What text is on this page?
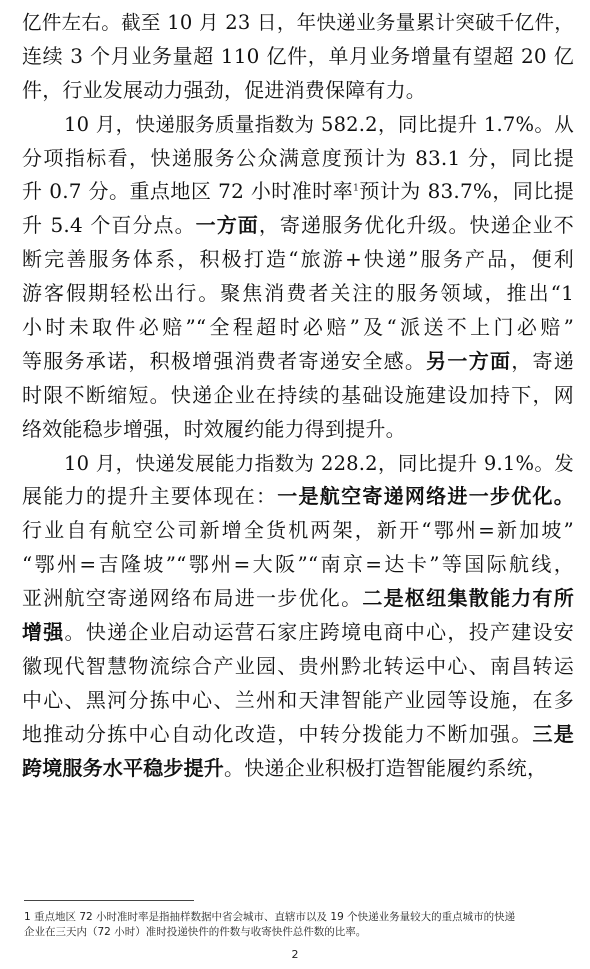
亿件左右。截至 10 月 23 日，年快递业务量累计突破千亿件，
连续 3 个月业务量超 110 亿件，单月业务增量有望超 20 亿
件，行业发展动力强劲，促进消费保障有力。
10 月，快递服务质量指数为 582.2，同比提升 1.7%。从
分项指标看，快递服务公众满意度预计为 83.1 分，同比提
升 0.7 分。重点地区 72 小时准时率$^1$预计为 83.7%，同比提
升 5.4 个百分点。一方面，寄递服务优化升级。快递企业不
断完善服务体系，积极打造“旅游+快递”服务产品，便利
游客假期轻松出行。聚焦消费者关注的服务领域，推出“1
小时未取件必赔”“全程超时必赔”及“派送不上门必赔”
等服务承诺，积极增强消费者寄递安全感。另一方面，寄递
时限不断缩短。快递企业在持续的基础设施建设加持下，网
络效能稳步增强，时效履约能力得到提升。
10 月，快递发展能力指数为 228.2，同比提升 9.1%。发
展能力的提升主要体现在：一是航空寄递网络进一步优化。
行业自有航空公司新增全货机两架，新开“鄂州=新加坡”
“鄂州=吉隆坡”“鄂州=大阪”“南京=达卡”等国际航线，
亚洲航空寄递网络布局进一步优化。二是枢纽集散能力有所
增强。快递企业启动运营石家庄跨境电商中心，投产建设安
徽现代智慧物流综合产业园、贵州黔北转运中心、南昌转运
中心、黑河分拣中心、兰州和天津智能产业园等设施，在多
地推动分拣中心自动化改造，中转分拨能力不断加强。三是
跨境服务水平稳步提升。快递企业积极打造智能履约系统，
1 重点地区 72 小时准时率是指抽样数据中省会城市、直辖市以及 19 个快递业务量较大的重点城市的快递
企业在三天内（72 小时）准时投递快件的件数与收寄快件总件数的比率。
2
